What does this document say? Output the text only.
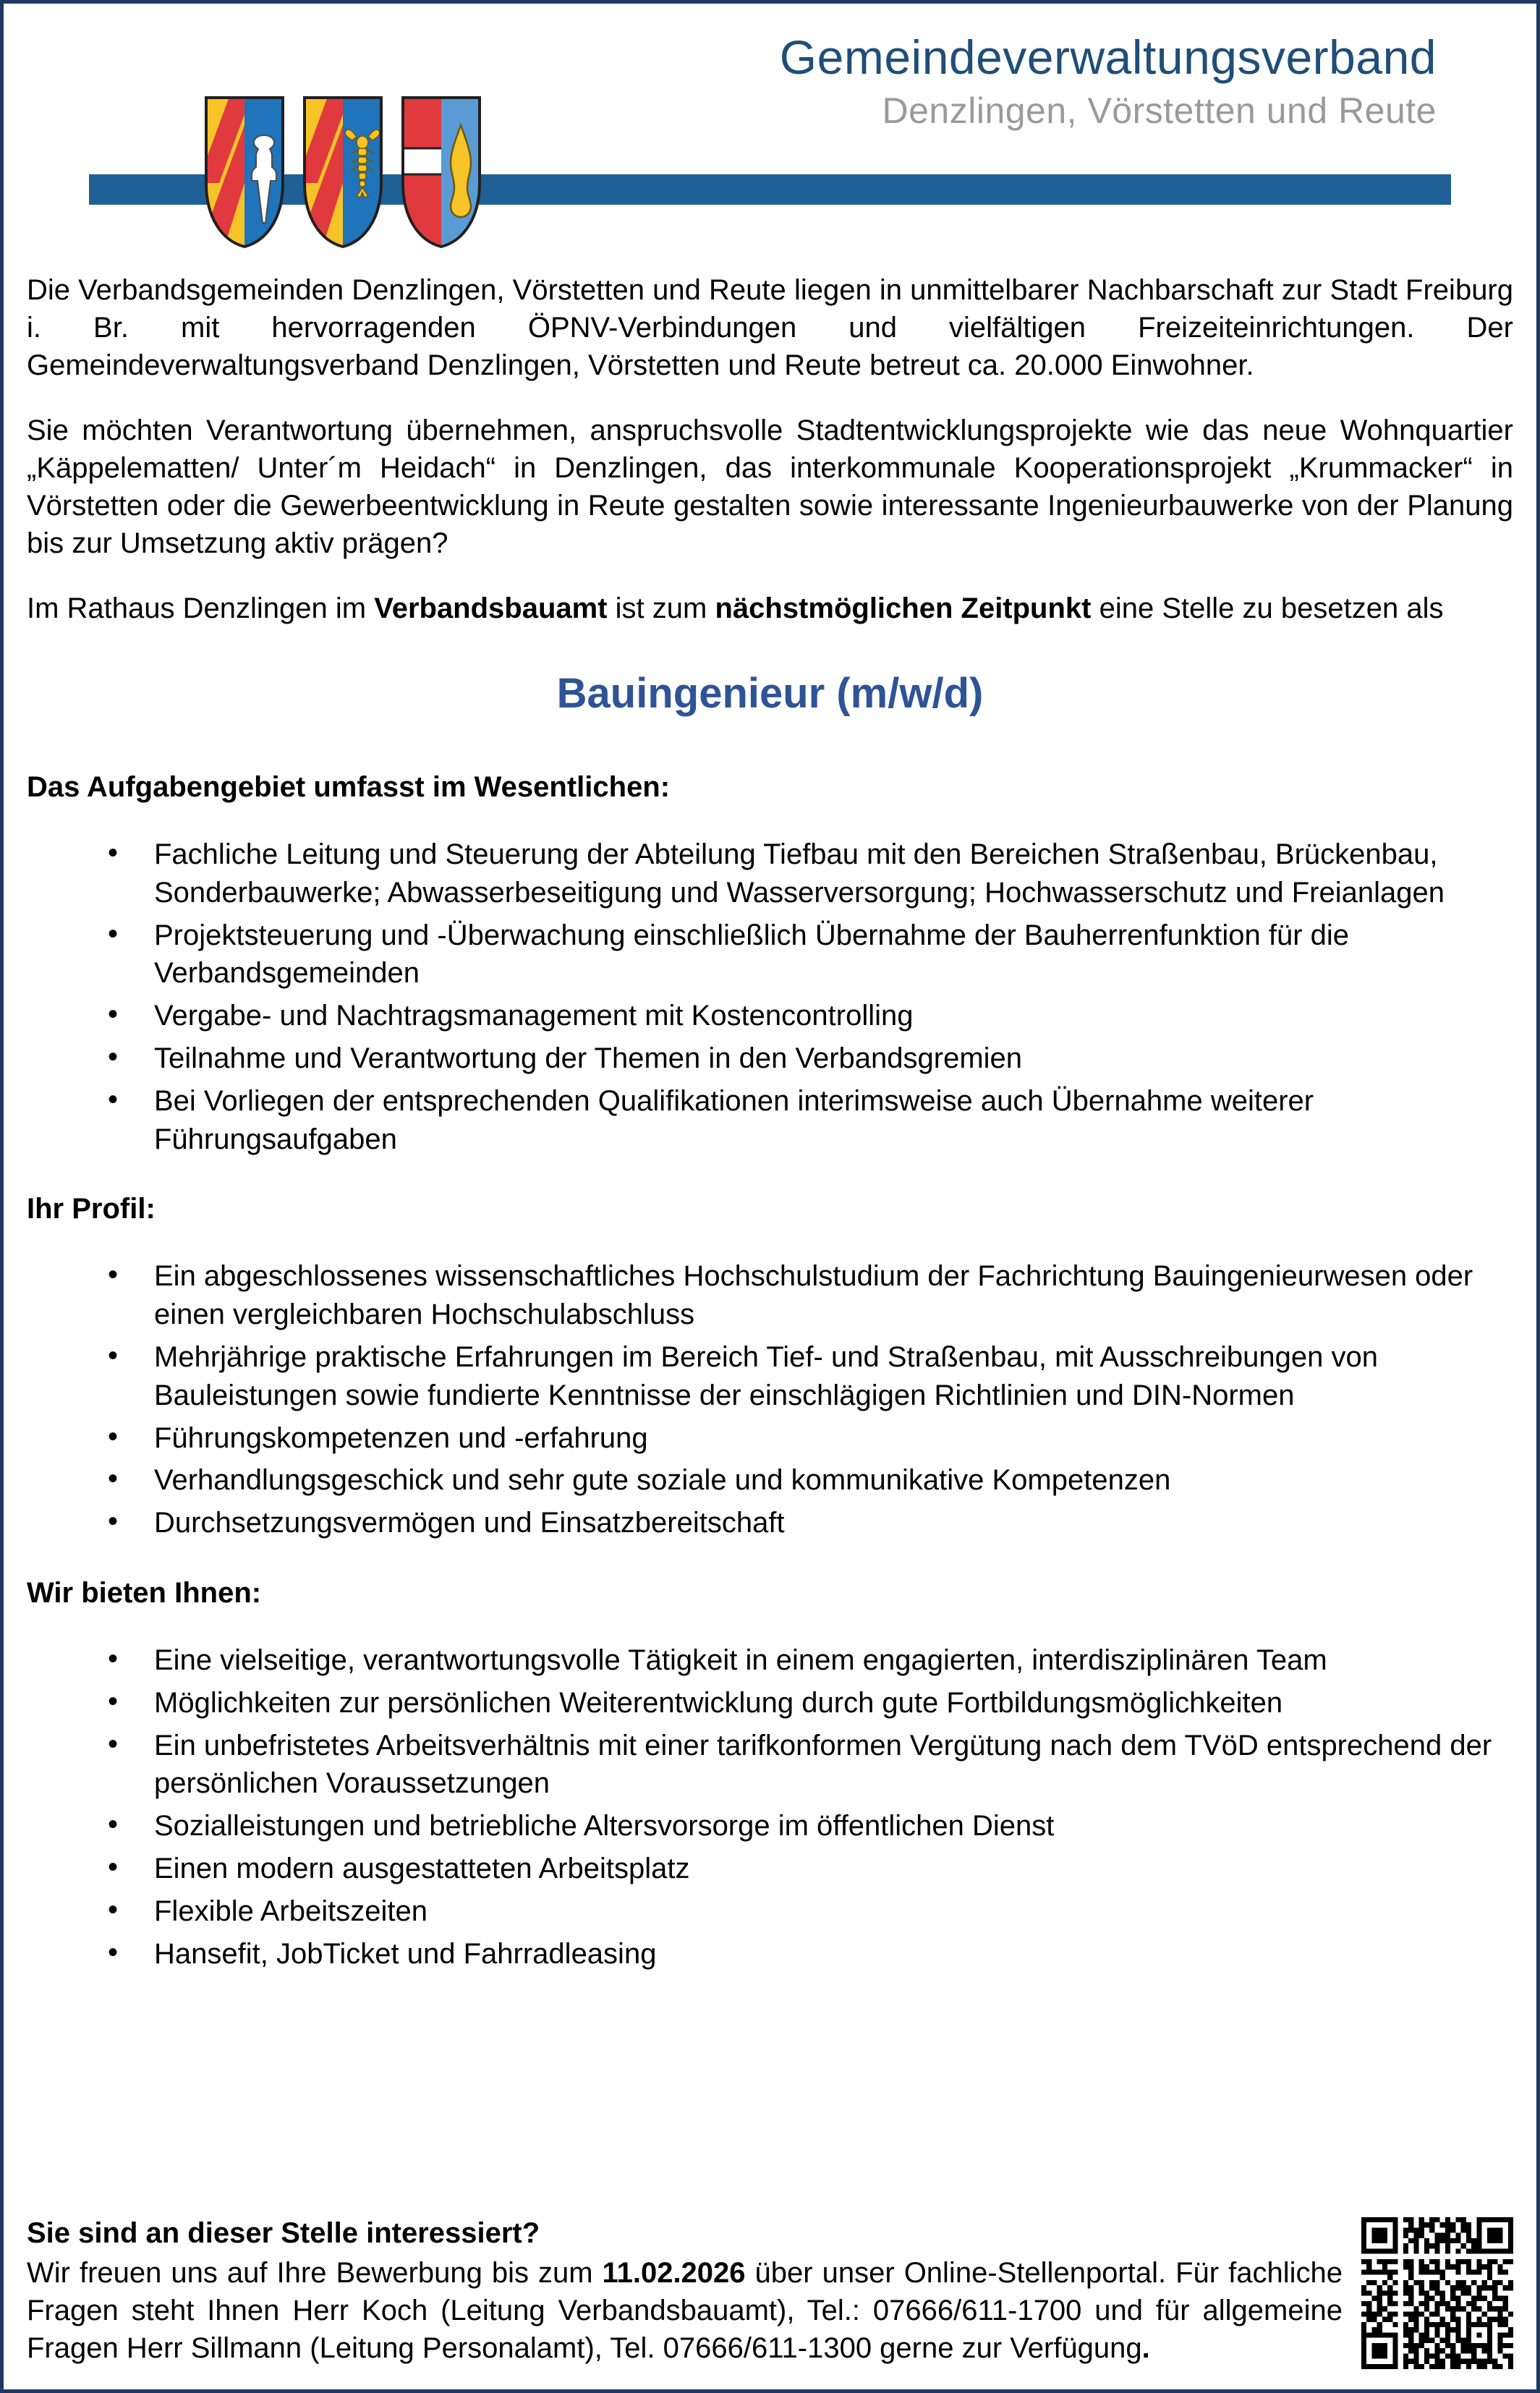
Gemeindeverwaltungsverband
Denzlingen, Vörstetten und Reute

Die Verbandsgemeinden Denzlingen, Vörstetten und Reute liegen in unmittelbarer Nachbarschaft zur Stadt Freiburg i. Br. mit hervorragenden ÖPNV-Verbindungen und vielfältigen Freizeiteinrichtungen. Der Gemeindeverwaltungsverband Denzlingen, Vörstetten und Reute betreut ca. 20.000 Einwohner.

Sie möchten Verantwortung übernehmen, anspruchsvolle Stadtentwicklungsprojekte wie das neue Wohnquartier „Käppelematten/ Unter´m Heidach“ in Denzlingen, das interkommunale Kooperationsprojekt „Krummacker“ in Vörstetten oder die Gewerbeentwicklung in Reute gestalten sowie interessante Ingenieurbauwerke von der Planung bis zur Umsetzung aktiv prägen?

Im Rathaus Denzlingen im Verbandsbauamt ist zum nächstmöglichen Zeitpunkt eine Stelle zu besetzen als

Bauingenieur (m/w/d)
Das Aufgabengebiet umfasst im Wesentlichen:
• Fachliche Leitung und Steuerung der Abteilung Tiefbau mit den Bereichen Straßenbau, Brückenbau, Sonderbauwerke; Abwasserbeseitigung und Wasserversorgung; Hochwasserschutz und Freianlagen
• Projektsteuerung und -Überwachung einschließlich Übernahme der Bauherrenfunktion für die Verbandsgemeinden
• Vergabe- und Nachtragsmanagement mit Kostencontrolling
• Teilnahme und Verantwortung der Themen in den Verbandsgremien
• Bei Vorliegen der entsprechenden Qualifikationen interimsweise auch Übernahme weiterer Führungsaufgaben
Ihr Profil:
• Ein abgeschlossenes wissenschaftliches Hochschulstudium der Fachrichtung Bauingenieurwesen oder einen vergleichbaren Hochschulabschluss
• Mehrjährige praktische Erfahrungen im Bereich Tief- und Straßenbau, mit Ausschreibungen von Bauleistungen sowie fundierte Kenntnisse der einschlägigen Richtlinien und DIN-Normen
• Führungskompetenzen und -erfahrung
• Verhandlungsgeschick und sehr gute soziale und kommunikative Kompetenzen
• Durchsetzungsvermögen und Einsatzbereitschaft
Wir bieten Ihnen:
• Eine vielseitige, verantwortungsvolle Tätigkeit in einem engagierten, interdisziplinären Team
• Möglichkeiten zur persönlichen Weiterentwicklung durch gute Fortbildungsmöglichkeiten
• Ein unbefristetes Arbeitsverhältnis mit einer tarifkonformen Vergütung nach dem TVöD entsprechend der persönlichen Voraussetzungen
• Sozialleistungen und betriebliche Altersvorsorge im öffentlichen Dienst
• Einen modern ausgestatteten Arbeitsplatz
• Flexible Arbeitszeiten
• Hansefit, JobTicket und Fahrradleasing
Sie sind an dieser Stelle interessiert?

Wir freuen uns auf Ihre Bewerbung bis zum 11.02.2026 über unser Online-Stellenportal. Für fachliche Fragen steht Ihnen Herr Koch (Leitung Verbandsbauamt), Tel.: 07666/611-1700 und für allgemeine Fragen Herr Sillmann (Leitung Personalamt), Tel. 07666/611-1300 gerne zur Verfügung.
